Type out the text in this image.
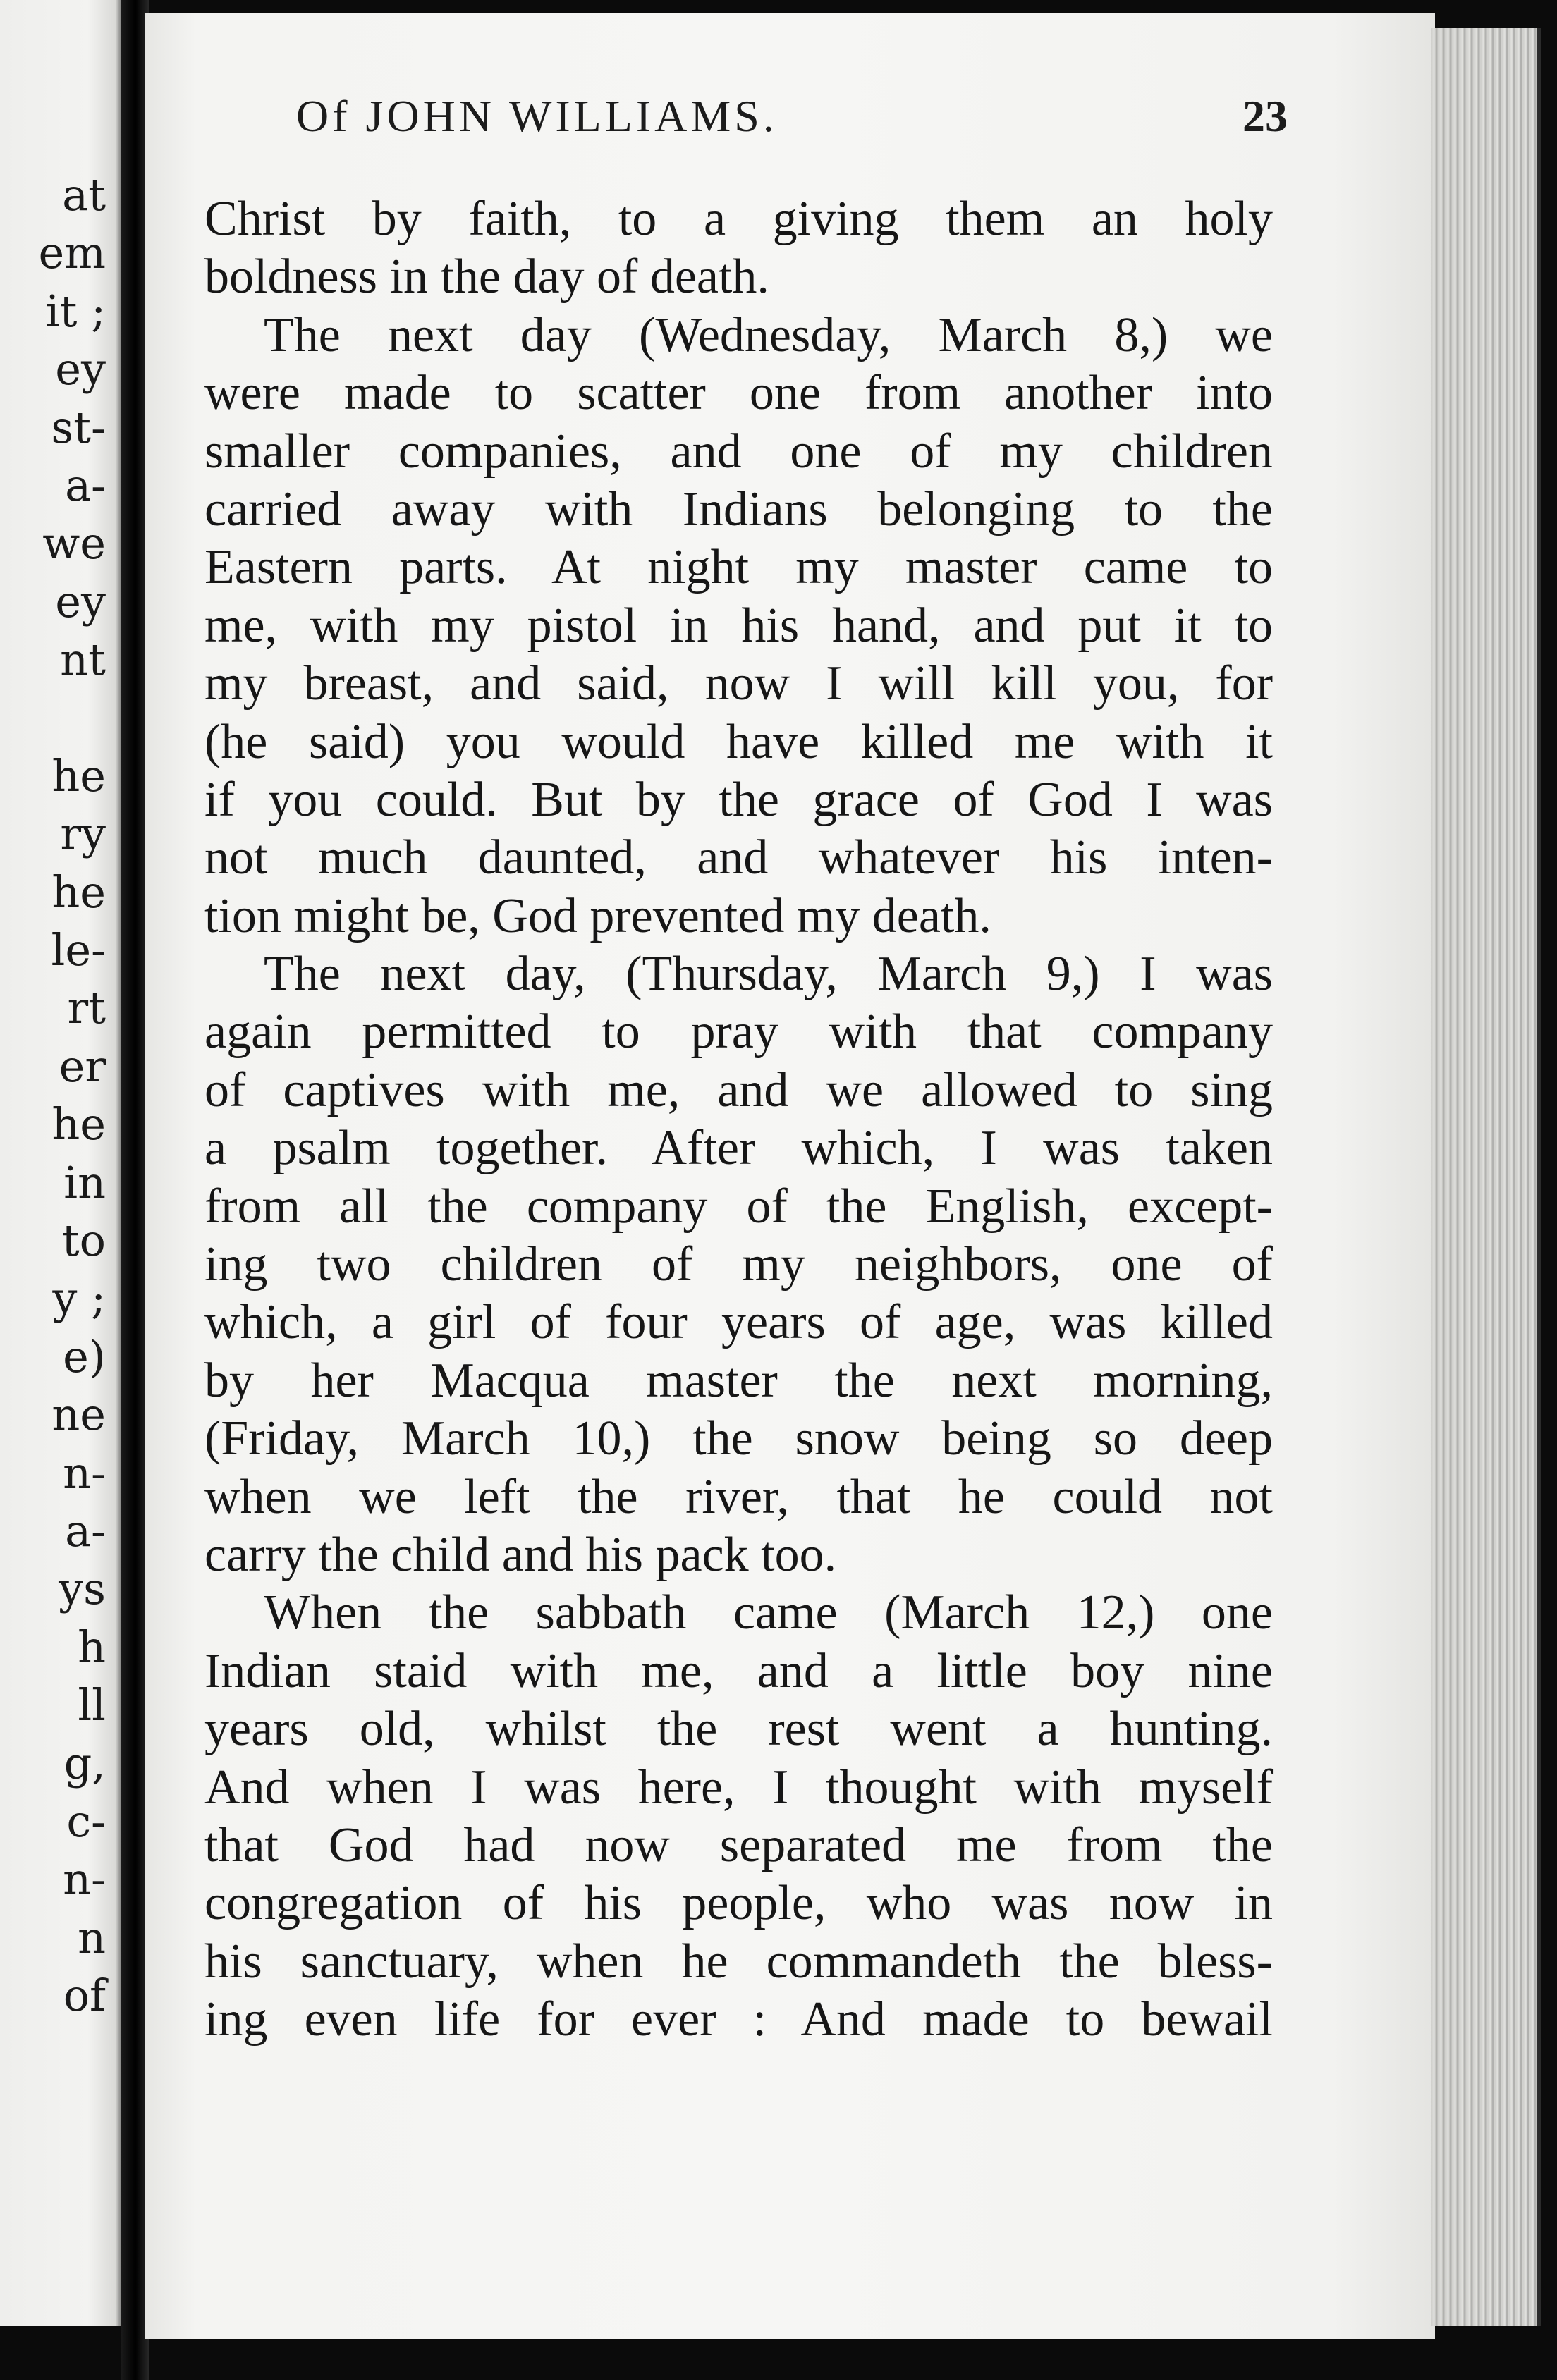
at
em
it ;
ey
st-
a-
we
ey
nt
he
ry
he
le-
rt
er
he
in
to
y ;
e)
ne
n-
a-
ys
h
ll
g,
c-
n-
n
of
Of JOHN WILLIAMS.	23
Christ by faith, to a giving them an holy
boldness in the day of death.
The next day (Wednesday, March 8,) we
were made to scatter one from another into
smaller companies, and one of my children
carried away with Indians belonging to the
Eastern parts. At night my master came to
me, with my pistol in his hand, and put it to
my breast, and said, now I will kill you, for
(he said) you would have killed me with it
if you could. But by the grace of God I was
not much daunted, and whatever his inten-
tion might be, God prevented my death.
The next day, (Thursday, March 9,) I was
again permitted to pray with that company
of captives with me, and we allowed to sing
a psalm together. After which, I was taken
from all the company of the English, except-
ing two children of my neighbors, one of
which, a girl of four years of age, was killed
by her Macqua master the next morning,
(Friday, March 10,) the snow being so deep
when we left the river, that he could not
carry the child and his pack too.
When the sabbath came (March 12,) one
Indian staid with me, and a little boy nine
years old, whilst the rest went a hunting.
And when I was here, I thought with myself
that God had now separated me from the
congregation of his people, who was now in
his sanctuary, when he commandeth the bless-
ing even life for ever : And made to bewail
